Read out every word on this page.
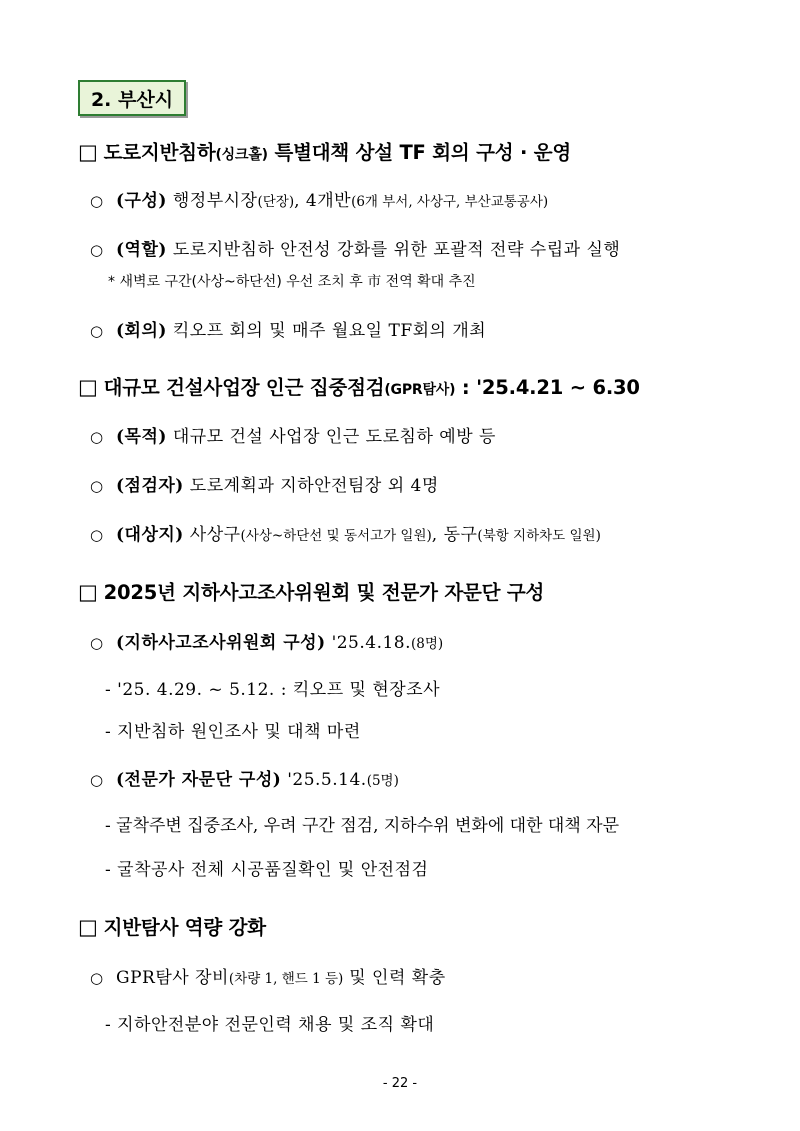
2. 부산시
□ 도로지반침하(싱크홀) 특별대책 상설 TF 회의 구성 · 운영
○ (구성) 행정부시장(단장), 4개반(6개 부서, 사상구, 부산교통공사)
○ (역할) 도로지반침하 안전성 강화를 위한 포괄적 전략 수립과 실행
* 새벽로 구간(사상~하단선) 우선 조치 후 市 전역 확대 추진
○ (회의) 킥오프 회의 및 매주 월요일 TF회의 개최
□ 대규모 건설사업장 인근 집중점검(GPR탐사) : '25.4.21 ~ 6.30
○ (목적) 대규모 건설 사업장 인근 도로침하 예방 등
○ (점검자) 도로계획과 지하안전팀장 외 4명
○ (대상지) 사상구(사상~하단선 및 동서고가 일원), 동구(북항 지하차도 일원)
□ 2025년 지하사고조사위원회 및 전문가 자문단 구성
○ (지하사고조사위원회 구성) '25.4.18.(8명)
- '25. 4.29. ~ 5.12. : 킥오프 및 현장조사
- 지반침하 원인조사 및 대책 마련
○ (전문가 자문단 구성) '25.5.14.(5명)
- 굴착주변 집중조사, 우려 구간 점검, 지하수위 변화에 대한 대책 자문
- 굴착공사 전체 시공품질확인 및 안전점검
□ 지반탐사 역량 강화
○ GPR탐사 장비(차량 1, 핸드 1 등) 및 인력 확충
- 지하안전분야 전문인력 채용 및 조직 확대
- 22 -
